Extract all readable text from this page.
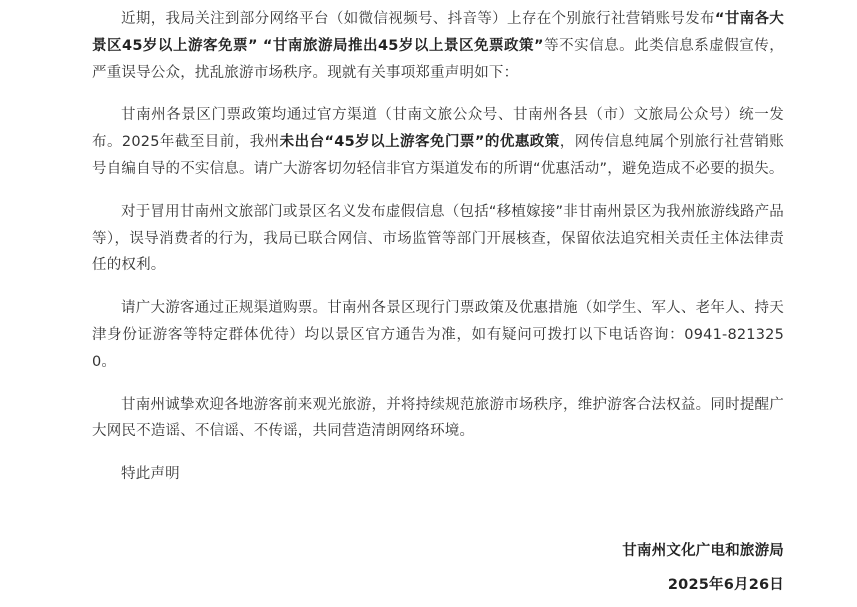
近期，我局关注到部分网络平台（如微信视频号、抖音等）上存在个别旅行社营销账号发布“甘南各大景区45岁以上游客免票” “甘南旅游局推出45岁以上景区免票政策”等不实信息。此类信息系虚假宣传，严重误导公众，扰乱旅游市场秩序。现就有关事项郑重声明如下：

甘南州各景区门票政策均通过官方渠道（甘南文旅公众号、甘南州各县（市）文旅局公众号）统一发布。2025年截至目前，我州未出台“45岁以上游客免门票”的优惠政策，网传信息纯属个别旅行社营销账号自编自导的不实信息。请广大游客切勿轻信非官方渠道发布的所谓“优惠活动”，避免造成不必要的损失。

对于冒用甘南州文旅部门或景区名义发布虚假信息（包括“移植嫁接”非甘南州景区为我州旅游线路产品等），误导消费者的行为，我局已联合网信、市场监管等部门开展核查，保留依法追究相关责任主体法律责任的权利。

请广大游客通过正规渠道购票。甘南州各景区现行门票政策及优惠措施（如学生、军人、老年人、持天津身份证游客等特定群体优待）均以景区官方通告为准，如有疑问可拨打以下电话咨询：0941-8213250。

甘南州诚挚欢迎各地游客前来观光旅游，并将持续规范旅游市场秩序，维护游客合法权益。同时提醒广大网民不造谣、不信谣、不传谣，共同营造清朗网络环境。

特此声明

甘南州文化广电和旅游局
2025年6月26日
